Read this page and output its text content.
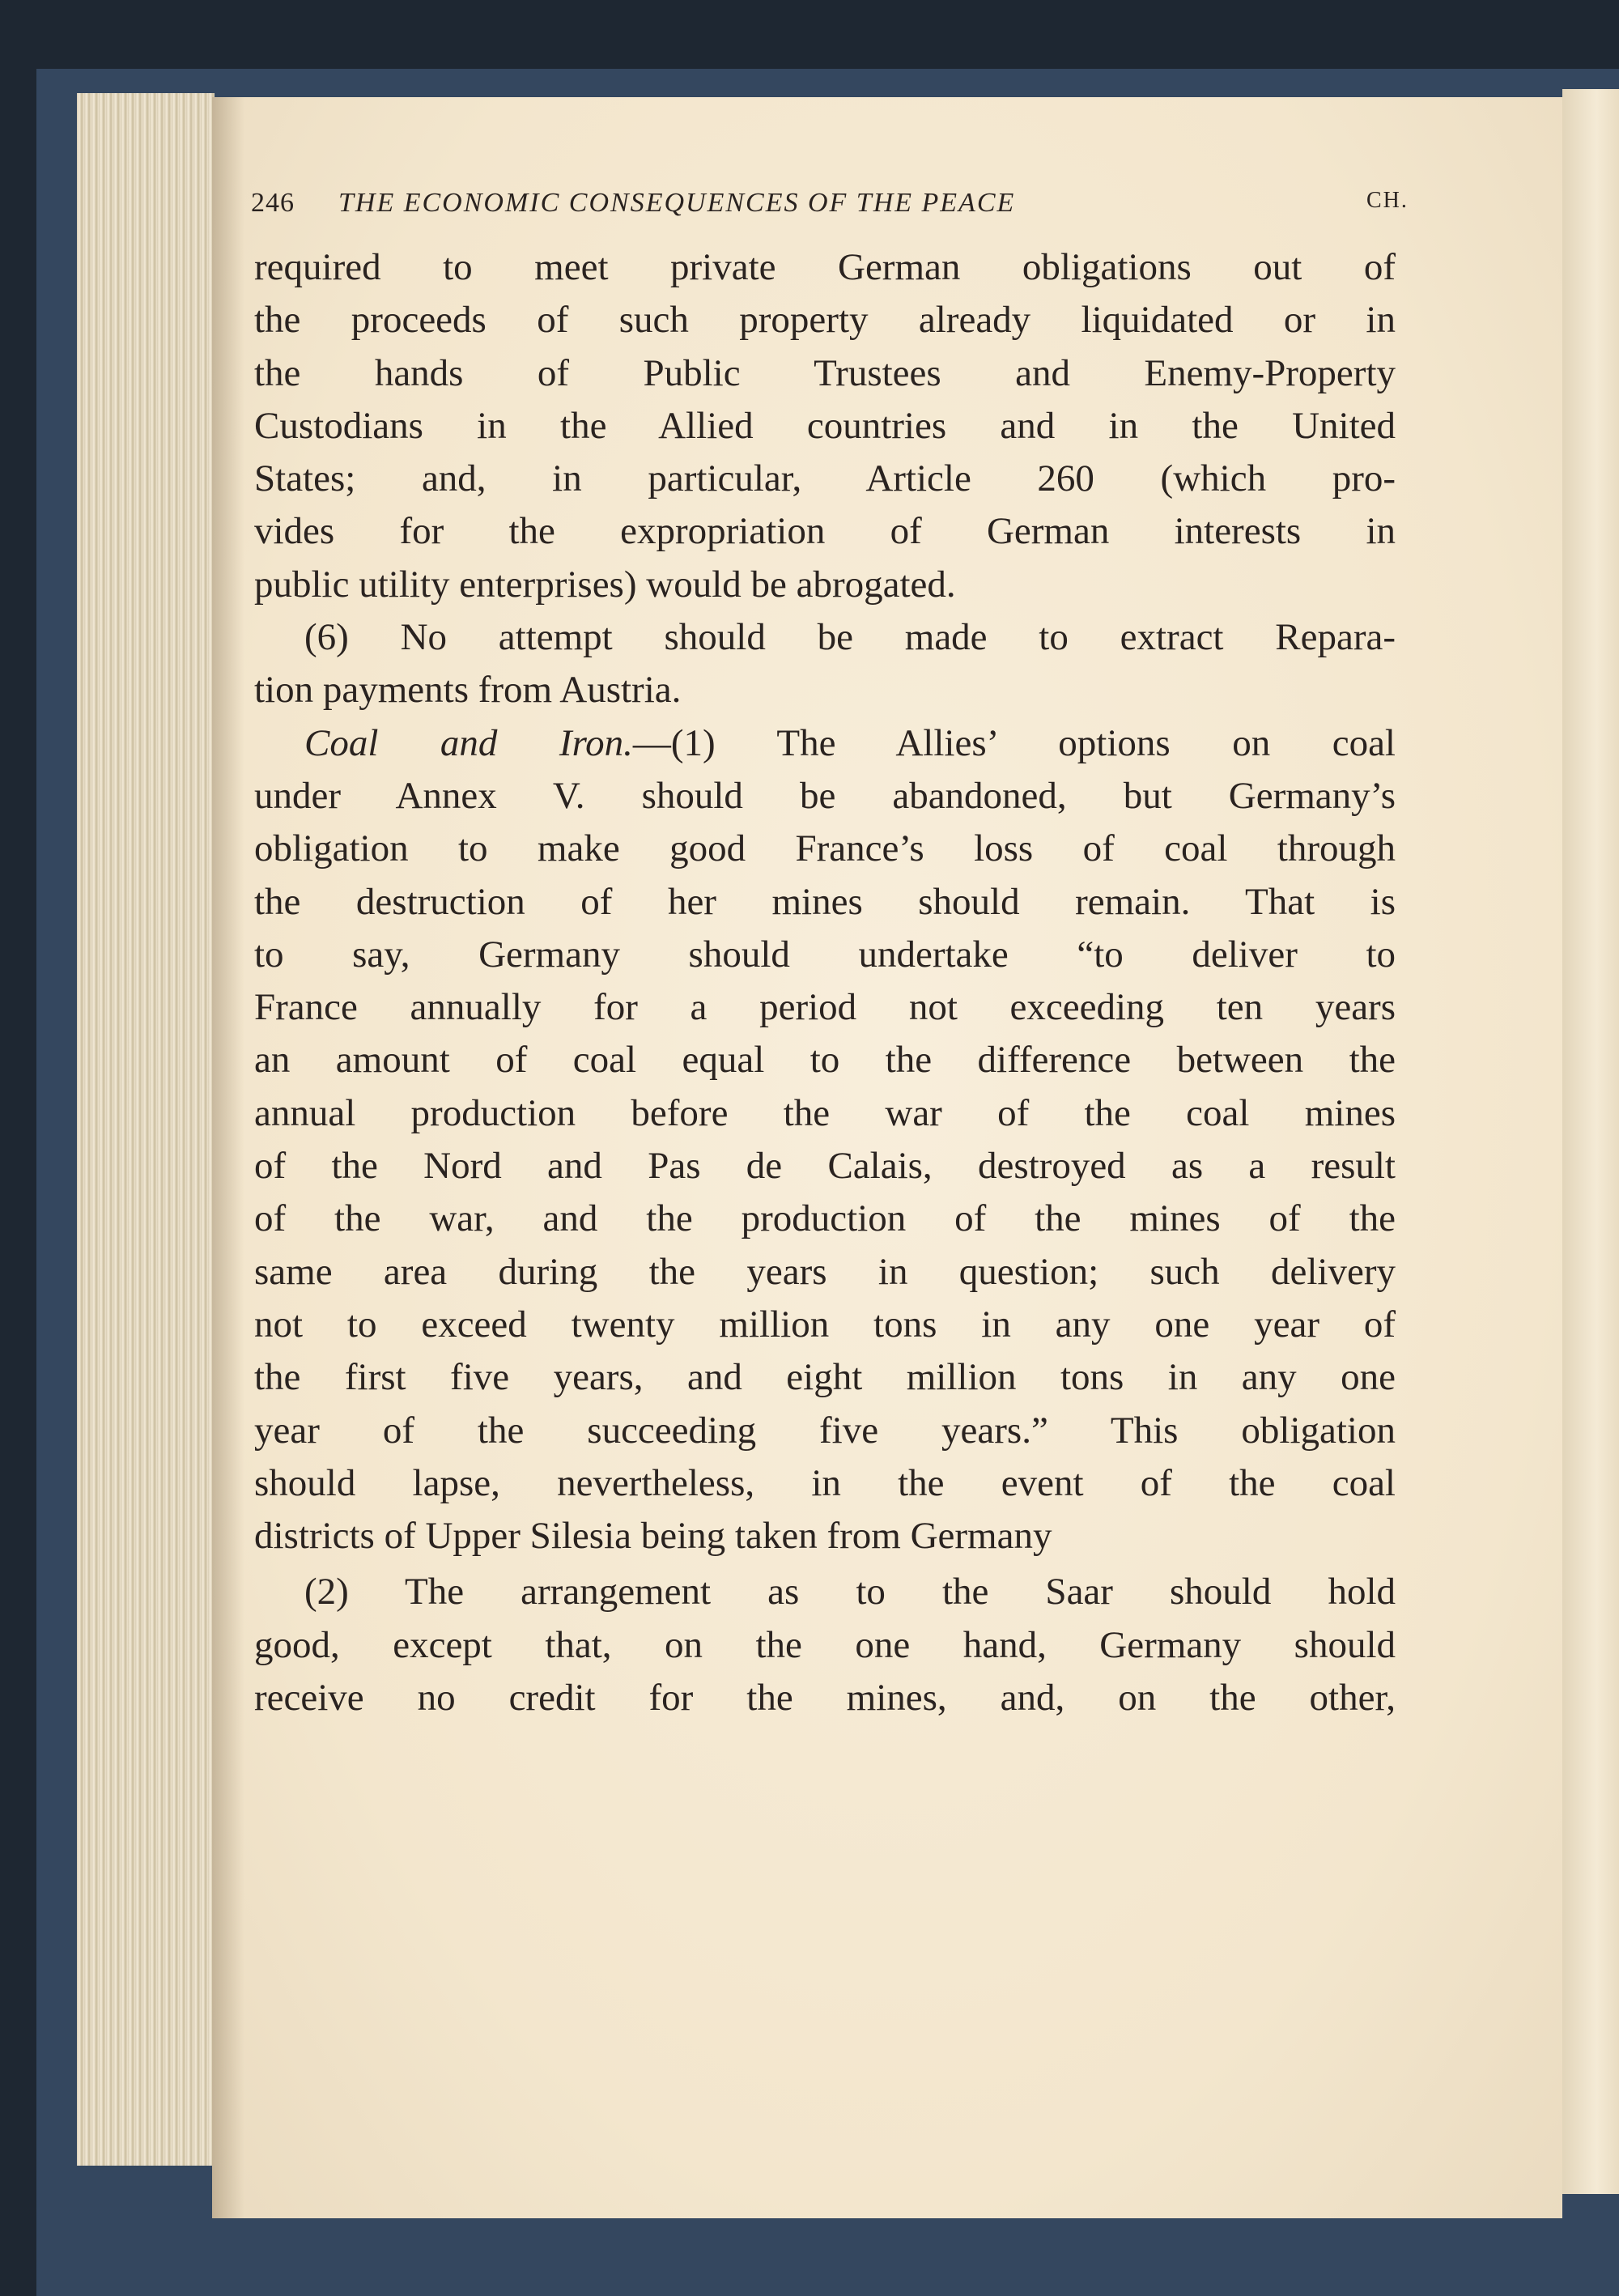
246 THE ECONOMIC CONSEQUENCES OF THE PEACE	CH.
required to meet private German obligations out of
the proceeds of such property already liquidated or in
the hands of Public Trustees and Enemy-Property
Custodians in the Allied countries and in the United
States; and, in particular, Article 260 (which pro-
vides for the expropriation of German interests in
public utility enterprises) would be abrogated.
(6) No attempt should be made to extract Repara-
tion payments from Austria.
Coal and Iron.—(1) The Allies’ options on coal
under Annex V. should be abandoned, but Germany’s
obligation to make good France’s loss of coal through
the destruction of her mines should remain. That is
to say, Germany should undertake “to deliver to
France annually for a period not exceeding ten years
an amount of coal equal to the difference between the
annual production before the war of the coal mines
of the Nord and Pas de Calais, destroyed as a result
of the war, and the production of the mines of the
same area during the years in question; such delivery
not to exceed twenty million tons in any one year of
the first five years, and eight million tons in any one
year of the succeeding five years.” This obligation
should lapse, nevertheless, in the event of the coal
districts of Upper Silesia being taken from Germany
(2) The arrangement as to the Saar should hold
good, except that, on the one hand, Germany should
receive no credit for the mines, and, on the other,
